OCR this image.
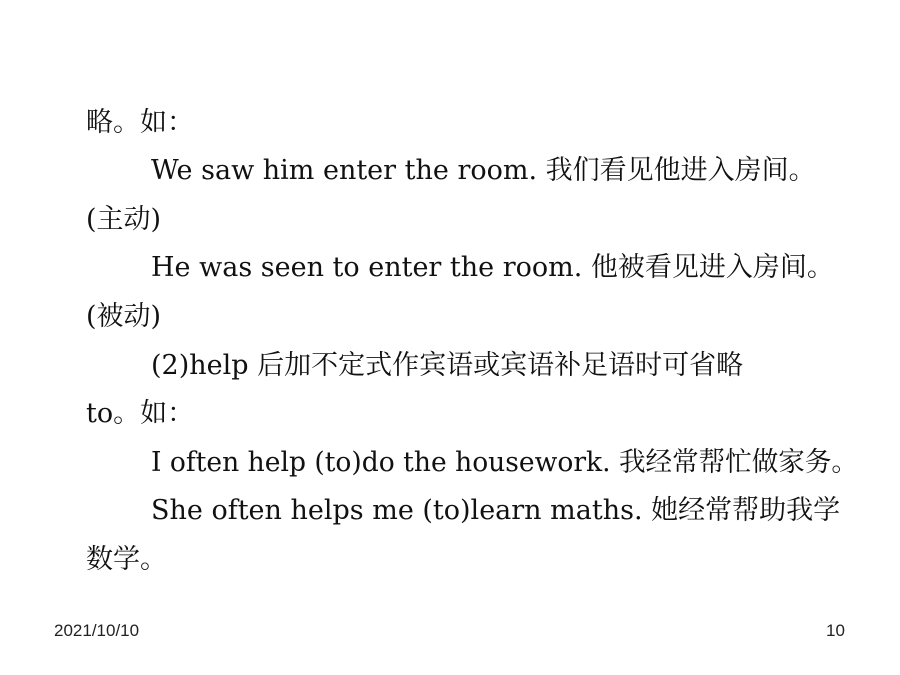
略。如：
We saw him enter the room. 我们看见他进入房间。
(主动)
He was seen to enter the room. 他被看见进入房间。
(被动)
(2)help 后加不定式作宾语或宾语补足语时可省略
to。如：
I often help (to)do the housework. 我经常帮忙做家务。
She often helps me (to)learn maths. 她经常帮助我学
数学。
2021/10/10	10
